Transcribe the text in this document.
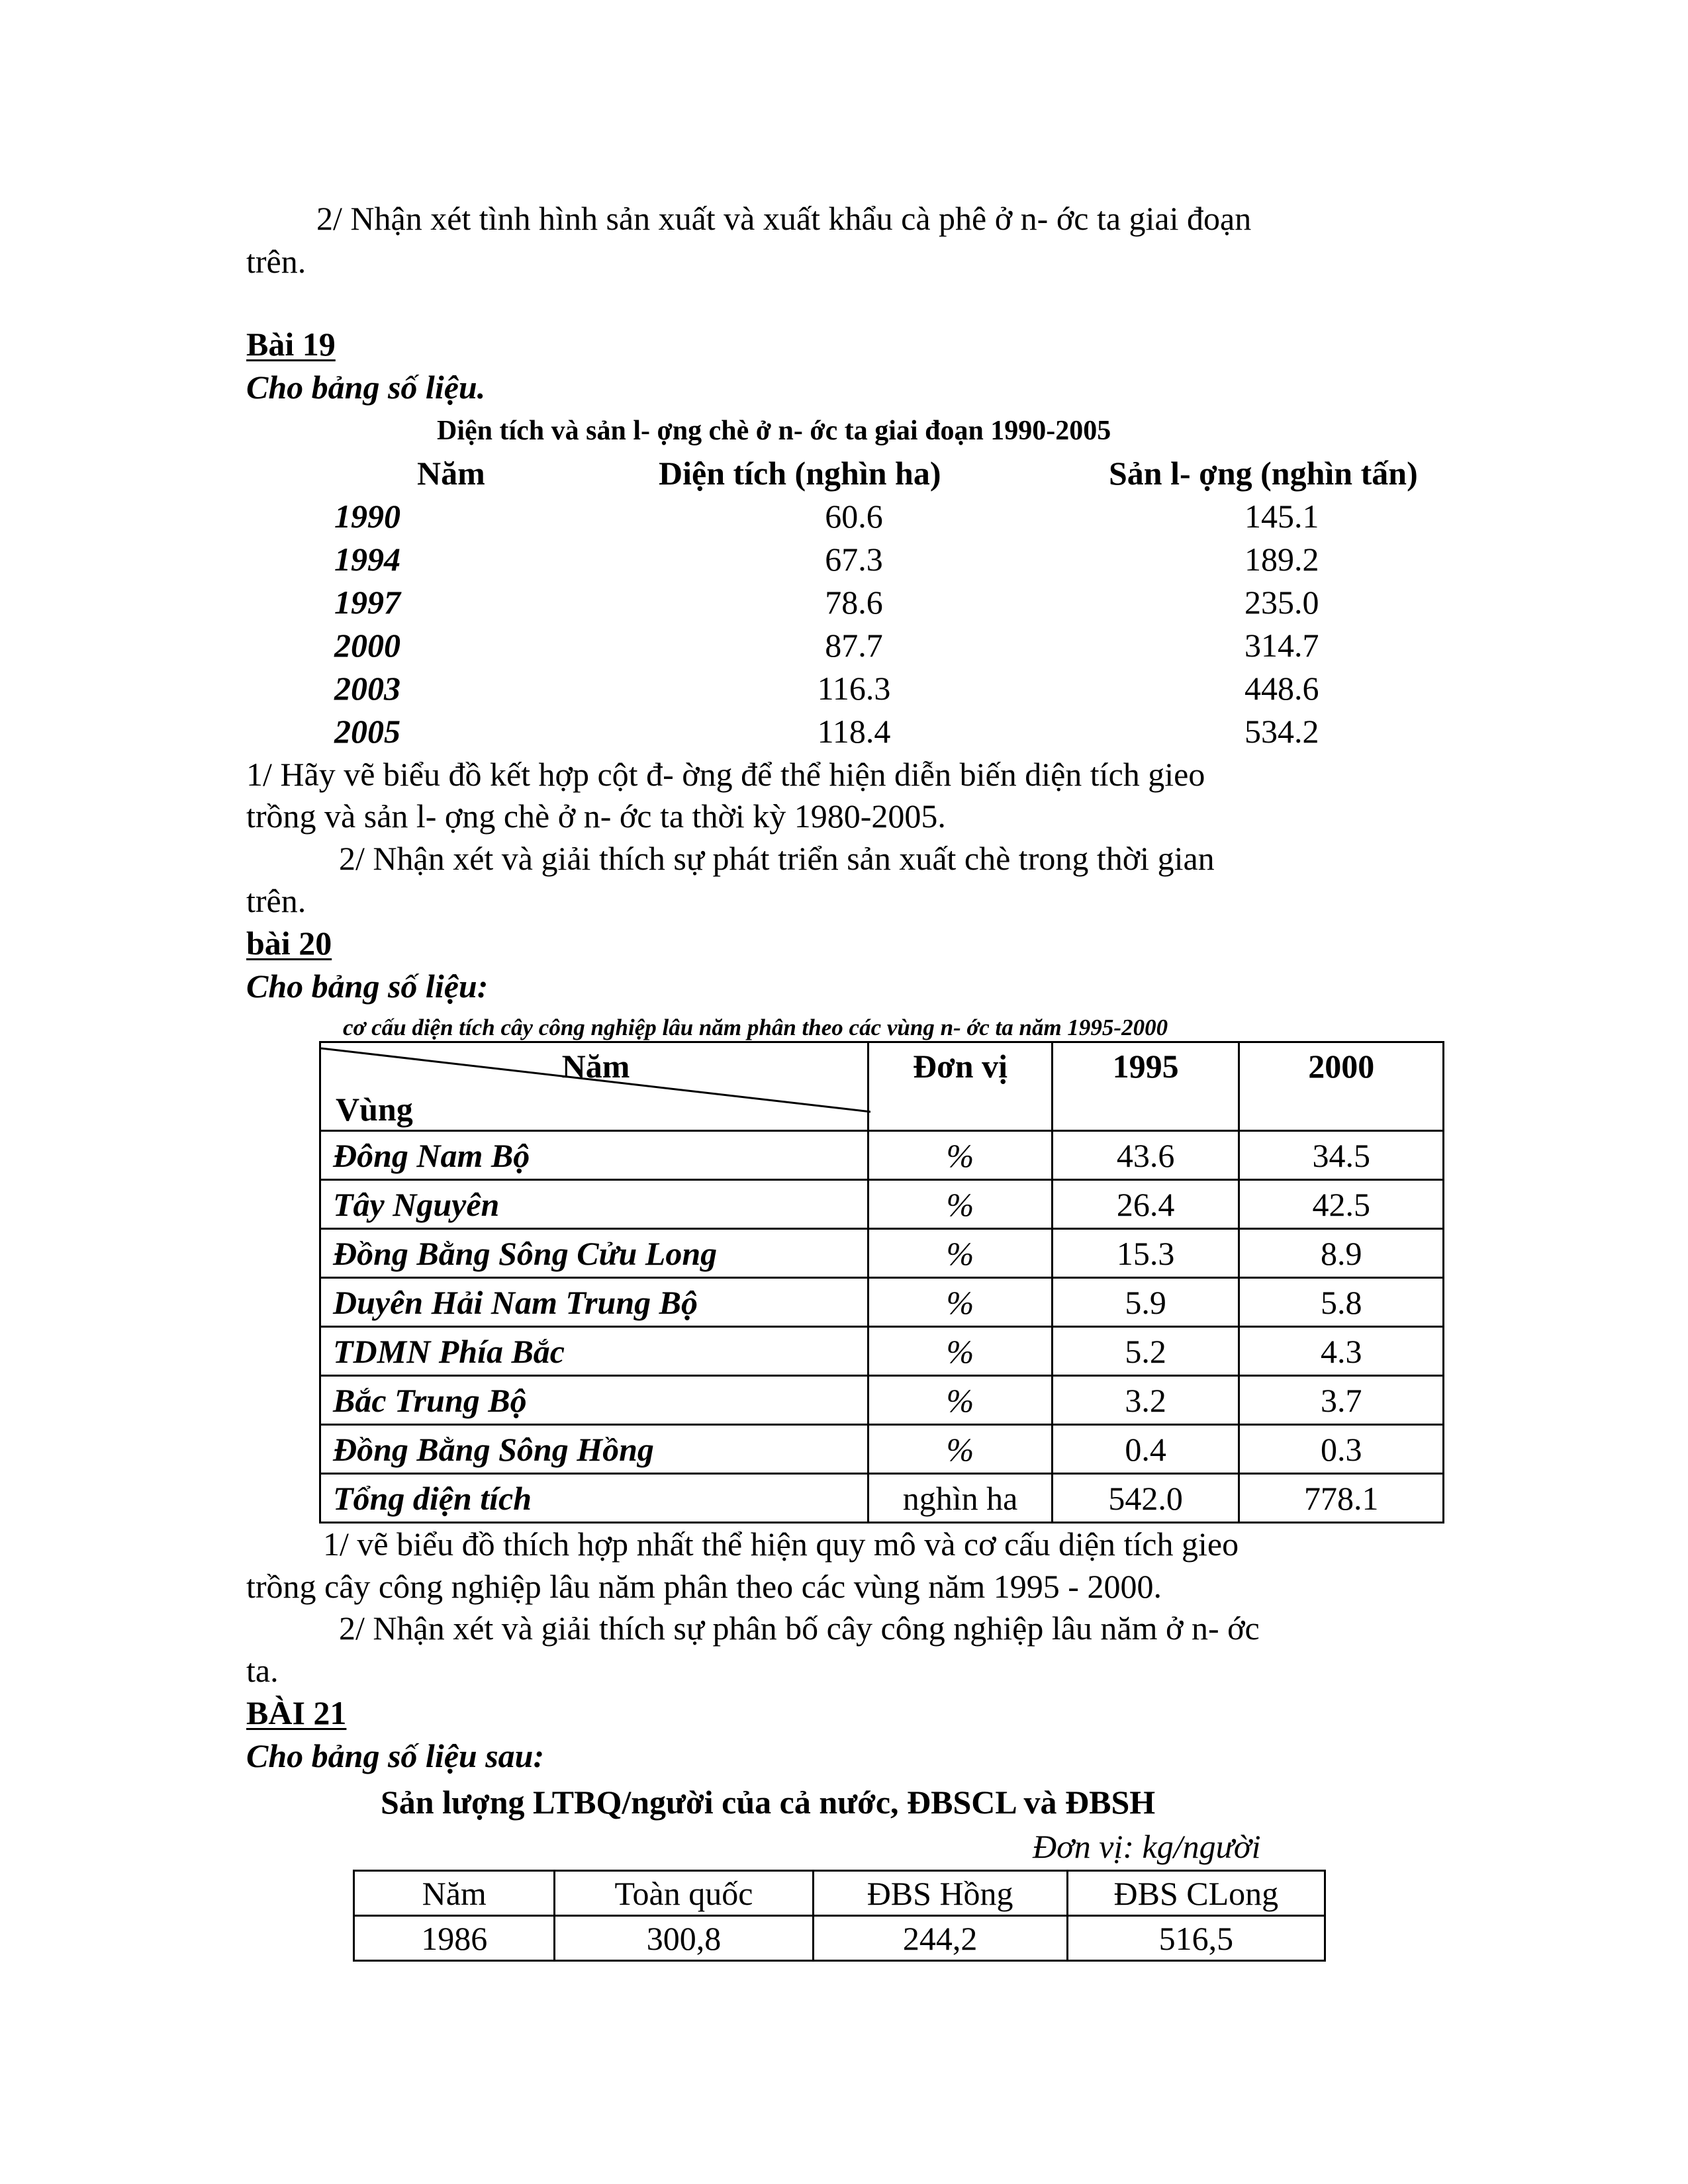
2/ Nhận xét tình hình sản xuất và xuất khẩu cà phê ở n- ớc ta giai đoạn
trên.
Bài 19
Cho bảng số liệu.
Diện tích và sản l- ợng chè ở n- ớc ta giai đoạn 1990-2005
Năm	Diện tích (nghìn ha)	Sản l- ợng (nghìn tấn)
1990	60.6	145.1
1994	67.3	189.2
1997	78.6	235.0
2000	87.7	314.7
2003	116.3	448.6
2005	118.4	534.2
1/ Hãy vẽ biểu đồ kết hợp cột đ- ờng để thể hiện diễn biến diện tích gieo
trồng và sản l- ợng chè ở n- ớc ta thời kỳ 1980-2005.
2/ Nhận xét và giải thích sự phát triển sản xuất chè trong thời gian
trên.
bài 20
Cho bảng số liệu:
cơ cấu diện tích cây công nghiệp lâu năm phân theo các vùng n- ớc ta năm 1995-2000
Năm
Vùng	Đơn vị	1995	2000
Đông Nam Bộ	%	43.6	34.5
Tây Nguyên	%	26.4	42.5
Đồng Bằng Sông Cửu Long	%	15.3	8.9
Duyên Hải Nam Trung Bộ	%	5.9	5.8
TDMN Phía Bắc	%	5.2	4.3
Bắc Trung Bộ	%	3.2	3.7
Đồng Bằng Sông Hồng	%	0.4	0.3
Tổng diện tích	nghìn ha	542.0	778.1
1/ vẽ biểu đồ thích hợp nhất thể hiện quy mô và cơ cấu diện tích gieo
trồng cây công nghiệp lâu năm phân theo các vùng năm 1995 - 2000.
2/ Nhận xét và giải thích sự phân bố cây công nghiệp lâu năm ở n- ớc
ta.
BÀI 21
Cho bảng số liệu sau:
Sản lượng LTBQ/người của cả nước, ĐBSCL và ĐBSH
Đơn vị: kg/người
Năm	Toàn quốc	ĐBS Hồng	ĐBS CLong
1986	300,8	244,2	516,5
